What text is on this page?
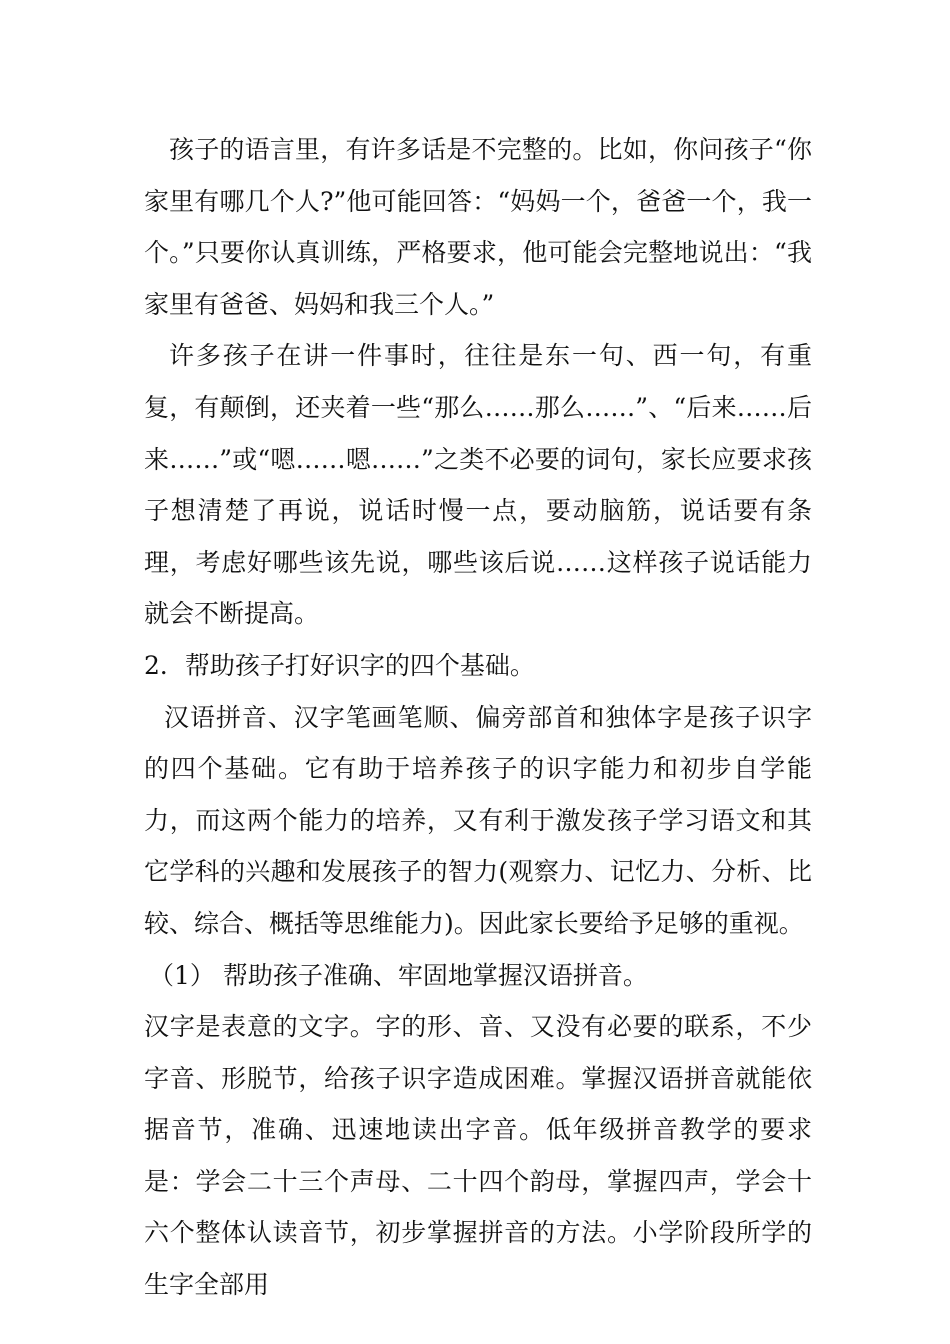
孩子的语言里，有许多话是不完整的。比如，你问孩子“你家里有哪几个人?”他可能回答：“妈妈一个，爸爸一个，我一个。”只要你认真训练，严格要求，他可能会完整地说出：“我家里有爸爸、妈妈和我三个人。”

许多孩子在讲一件事时，往往是东一句、西一句，有重复，有颠倒，还夹着一些“那么……那么……”、“后来……后来……”或“嗯……嗯……”之类不必要的词句，家长应要求孩子想清楚了再说，说话时慢一点，要动脑筋，说话要有条理，考虑好哪些该先说，哪些该后说……这样孩子说话能力就会不断提高。

2．帮助孩子打好识字的四个基础。

汉语拼音、汉字笔画笔顺、偏旁部首和独体字是孩子识字的四个基础。它有助于培养孩子的识字能力和初步自学能力，而这两个能力的培养，又有利于激发孩子学习语文和其它学科的兴趣和发展孩子的智力(观察力、记忆力、分析、比较、综合、概括等思维能力)。因此家长要给予足够的重视。

（1） 帮助孩子准确、牢固地掌握汉语拼音。

汉字是表意的文字。字的形、音、又没有必要的联系，不少字音、形脱节，给孩子识字造成困难。掌握汉语拼音就能依据音节，准确、迅速地读出字音。低年级拼音教学的要求是：学会二十三个声母、二十四个韵母，掌握四声，学会十六个整体认读音节，初步掌握拼音的方法。小学阶段所学的生字全部用
